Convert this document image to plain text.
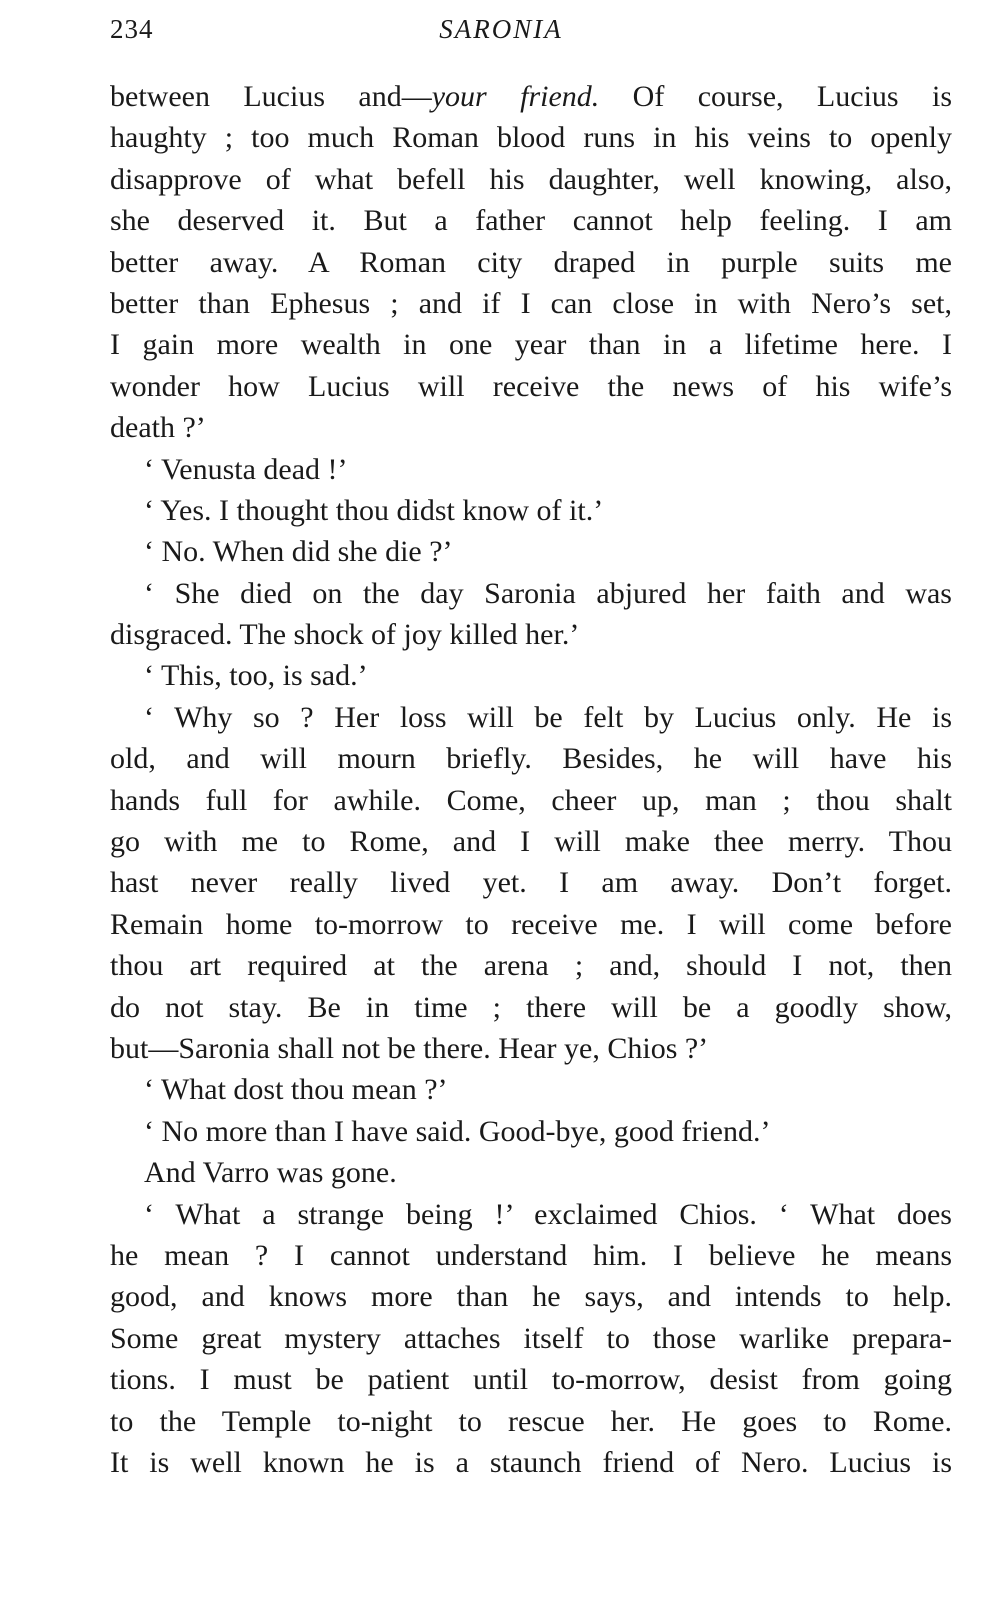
234	SARONIA
between Lucius and—your friend. Of course, Lucius is
haughty ; too much Roman blood runs in his veins to openly
disapprove of what befell his daughter, well knowing, also,
she deserved it. But a father cannot help feeling. I am
better away. A Roman city draped in purple suits me
better than Ephesus ; and if I can close in with Nero’s set,
I gain more wealth in one year than in a lifetime here. I
wonder how Lucius will receive the news of his wife’s
death ?’
‘ Venusta dead !’
‘ Yes. I thought thou didst know of it.’
‘ No. When did she die ?’
‘ She died on the day Saronia abjured her faith and was
disgraced. The shock of joy killed her.’
‘ This, too, is sad.’
‘ Why so ? Her loss will be felt by Lucius only. He is
old, and will mourn briefly. Besides, he will have his
hands full for awhile. Come, cheer up, man ; thou shalt
go with me to Rome, and I will make thee merry. Thou
hast never really lived yet. I am away. Don’t forget.
Remain home to-morrow to receive me. I will come before
thou art required at the arena ; and, should I not, then
do not stay. Be in time ; there will be a goodly show,
but—Saronia shall not be there. Hear ye, Chios ?’
‘ What dost thou mean ?’
‘ No more than I have said. Good-bye, good friend.’
And Varro was gone.
‘ What a strange being !’ exclaimed Chios. ‘ What does
he mean ? I cannot understand him. I believe he means
good, and knows more than he says, and intends to help.
Some great mystery attaches itself to those warlike prepara-
tions. I must be patient until to-morrow, desist from going
to the Temple to-night to rescue her. He goes to Rome.
It is well known he is a staunch friend of Nero. Lucius is
